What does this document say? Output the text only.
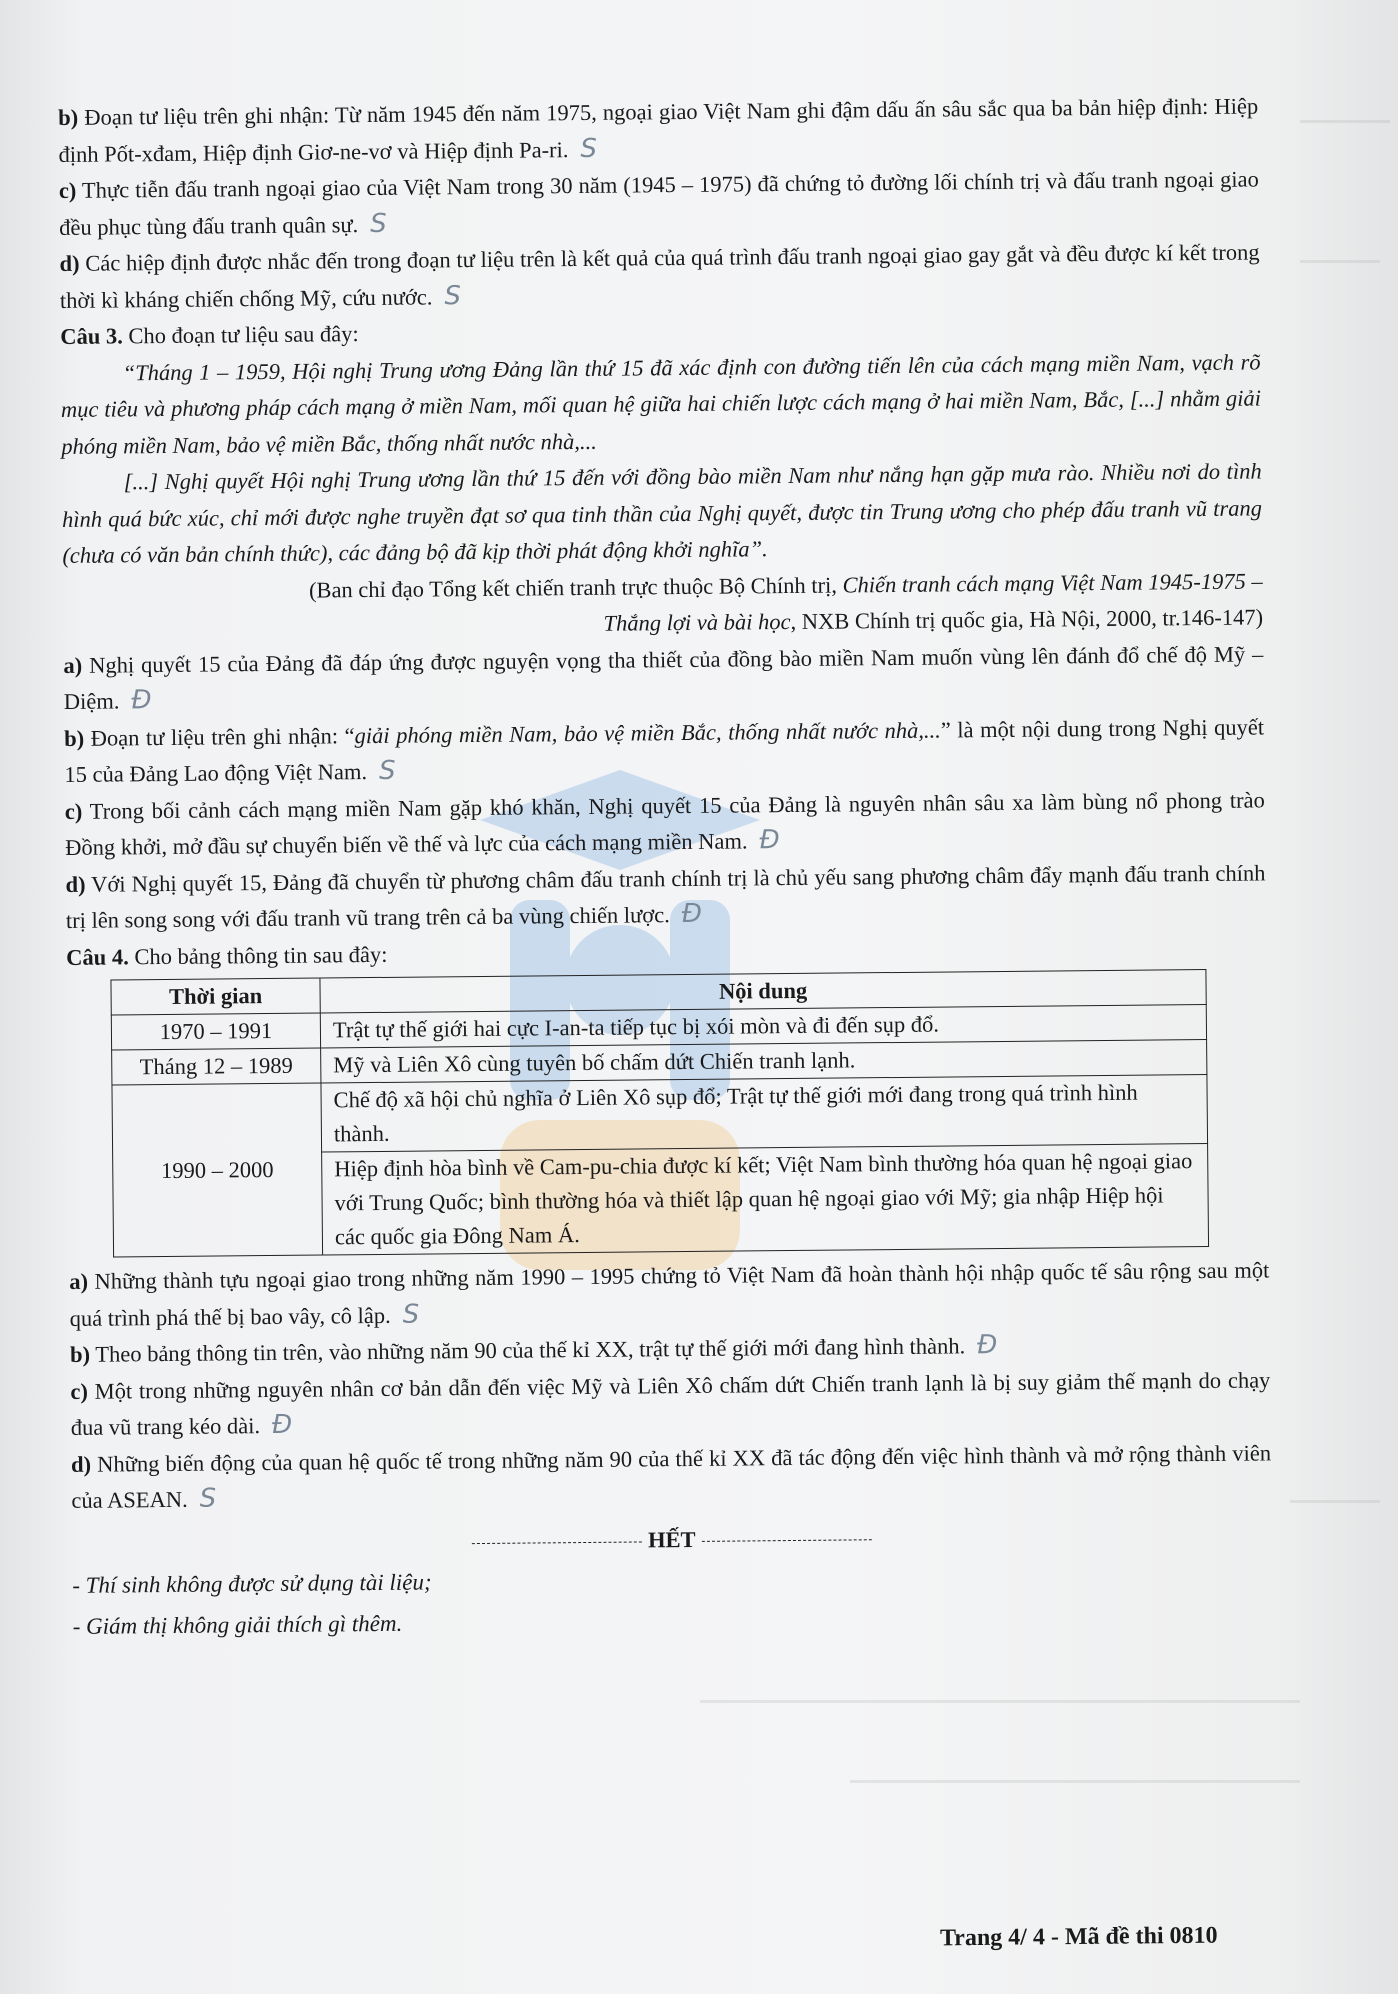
b) Đoạn tư liệu trên ghi nhận: Từ năm 1945 đến năm 1975, ngoại giao Việt Nam ghi đậm dấu ấn sâu sắc qua ba bản hiệp định: Hiệp định Pốt-xđam, Hiệp định Giơ-ne-vơ và Hiệp định Pa-ri. S

c) Thực tiễn đấu tranh ngoại giao của Việt Nam trong 30 năm (1945 – 1975) đã chứng tỏ đường lối chính trị và đấu tranh ngoại giao đều phục tùng đấu tranh quân sự. S

d) Các hiệp định được nhắc đến trong đoạn tư liệu trên là kết quả của quá trình đấu tranh ngoại giao gay gắt và đều được kí kết trong thời kì kháng chiến chống Mỹ, cứu nước. S

Câu 3. Cho đoạn tư liệu sau đây:

“Tháng 1 – 1959, Hội nghị Trung ương Đảng lần thứ 15 đã xác định con đường tiến lên của cách mạng miền Nam, vạch rõ mục tiêu và phương pháp cách mạng ở miền Nam, mối quan hệ giữa hai chiến lược cách mạng ở hai miền Nam, Bắc, [...] nhằm giải phóng miền Nam, bảo vệ miền Bắc, thống nhất nước nhà,...

[...] Nghị quyết Hội nghị Trung ương lần thứ 15 đến với đồng bào miền Nam như nắng hạn gặp mưa rào. Nhiều nơi do tình hình quá bức xúc, chỉ mới được nghe truyền đạt sơ qua tinh thần của Nghị quyết, được tin Trung ương cho phép đấu tranh vũ trang (chưa có văn bản chính thức), các đảng bộ đã kịp thời phát động khởi nghĩa”.

(Ban chỉ đạo Tổng kết chiến tranh trực thuộc Bộ Chính trị, Chiến tranh cách mạng Việt Nam 1945-1975 – Thắng lợi và bài học, NXB Chính trị quốc gia, Hà Nội, 2000, tr.146-147)

a) Nghị quyết 15 của Đảng đã đáp ứng được nguyện vọng tha thiết của đồng bào miền Nam muốn vùng lên đánh đổ chế độ Mỹ – Diệm. Đ

b) Đoạn tư liệu trên ghi nhận: “giải phóng miền Nam, bảo vệ miền Bắc, thống nhất nước nhà,...” là một nội dung trong Nghị quyết 15 của Đảng Lao động Việt Nam. S

c) Trong bối cảnh cách mạng miền Nam gặp khó khăn, Nghị quyết 15 của Đảng là nguyên nhân sâu xa làm bùng nổ phong trào Đồng khởi, mở đầu sự chuyển biến về thế và lực của cách mạng miền Nam. Đ

d) Với Nghị quyết 15, Đảng đã chuyển từ phương châm đấu tranh chính trị là chủ yếu sang phương châm đẩy mạnh đấu tranh chính trị lên song song với đấu tranh vũ trang trên cả ba vùng chiến lược. Đ

Câu 4. Cho bảng thông tin sau đây:

Thời gian	Nội dung
1970 – 1991	Trật tự thế giới hai cực I-an-ta tiếp tục bị xói mòn và đi đến sụp đổ.
Tháng 12 – 1989	Mỹ và Liên Xô cùng tuyên bố chấm dứt Chiến tranh lạnh.
1990 – 2000	Chế độ xã hội chủ nghĩa ở Liên Xô sụp đổ; Trật tự thế giới mới đang trong quá trình hình thành.
	Hiệp định hòa bình về Cam-pu-chia được kí kết; Việt Nam bình thường hóa quan hệ ngoại giao với Trung Quốc; bình thường hóa và thiết lập quan hệ ngoại giao với Mỹ; gia nhập Hiệp hội các quốc gia Đông Nam Á.

a) Những thành tựu ngoại giao trong những năm 1990 – 1995 chứng tỏ Việt Nam đã hoàn thành hội nhập quốc tế sâu rộng sau một quá trình phá thế bị bao vây, cô lập. S

b) Theo bảng thông tin trên, vào những năm 90 của thế kỉ XX, trật tự thế giới mới đang hình thành. Đ

c) Một trong những nguyên nhân cơ bản dẫn đến việc Mỹ và Liên Xô chấm dứt Chiến tranh lạnh là bị suy giảm thế mạnh do chạy đua vũ trang kéo dài. Đ

d) Những biến động của quan hệ quốc tế trong những năm 90 của thế kỉ XX đã tác động đến việc hình thành và mở rộng thành viên của ASEAN. S

HẾT

- Thí sinh không được sử dụng tài liệu;

- Giám thị không giải thích gì thêm.

Trang 4/ 4 - Mã đề thi 0810
